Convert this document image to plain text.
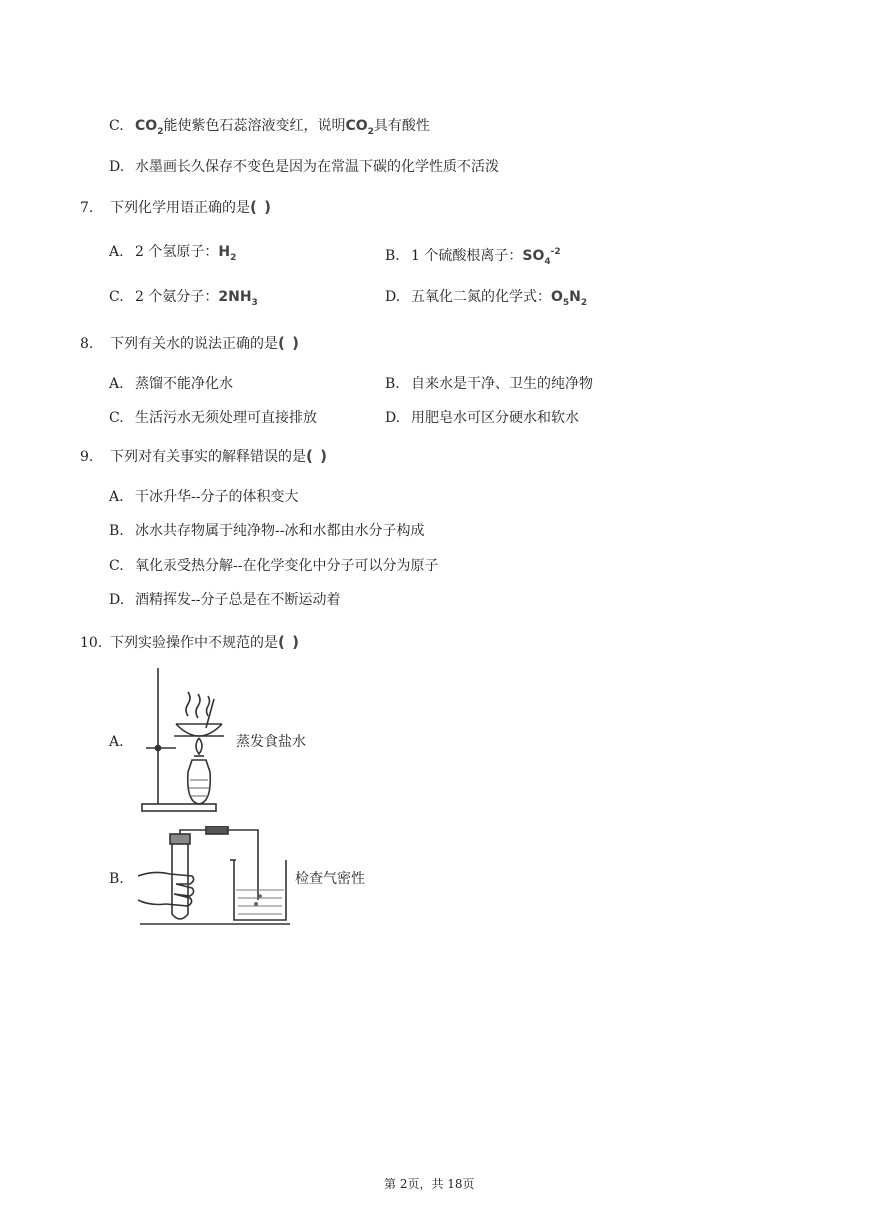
C. $CO_2$能使紫色石蕊溶液变红，说明$CO_2$具有酸性
D. 水墨画长久保存不变色是因为在常温下碳的化学性质不活泼
7. 下列化学用语正确的是( )
A. 2 个氢原子：$H_2$	B. 1 个硫酸根离子：$SO_4^{-2}$
C. 2 个氨分子：$2NH_3$	D. 五氧化二氮的化学式：$O_5N_2$
8. 下列有关水的说法正确的是( )
A. 蒸馏不能净化水	B. 自来水是干净、卫生的纯净物
C. 生活污水无须处理可直接排放	D. 用肥皂水可区分硬水和软水
9. 下列对有关事实的解释错误的是( )
A. 干冰升华--分子的体积变大
B. 冰水共存物属于纯净物--冰和水都由水分子构成
C. 氧化汞受热分解--在化学变化中分子可以分为原子
D. 酒精挥发--分子总是在不断运动着
10. 下列实验操作中不规范的是( )
A.	蒸发食盐水
B.	检查气密性
第 2页，共 18页
